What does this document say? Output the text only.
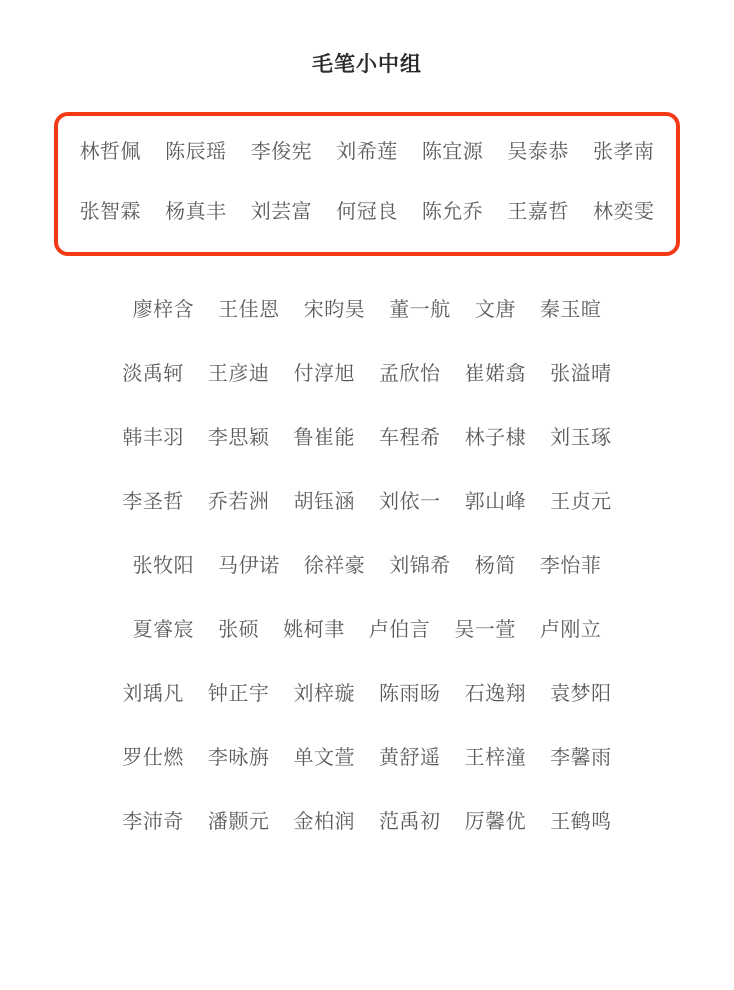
毛笔小中组
林哲佩 陈辰瑶 李俊宪 刘希莲 陈宜源 吴泰恭 张孝南
张智霖 杨真丰 刘芸富 何冠良 陈允乔 王嘉哲 林奕雯
廖梓含 王佳恩 宋昀昊 董一航 文唐 秦玉暄
淡禹轲 王彦迪 付淳旭 孟欣怡 崔婼翕 张溢晴
韩丰羽 李思颖 鲁崔能 车程希 林子棣 刘玉琢
李圣哲 乔若洲 胡钰涵 刘依一 郭山峰 王贞元
张牧阳 马伊诺 徐祥豪 刘锦希 杨简 李怡菲
夏睿宸 张硕 姚柯聿 卢伯言 吴一萱 卢刚立
刘瑀凡 钟正宇 刘梓璇 陈雨旸 石逸翔 袁梦阳
罗仕燃 李咏旃 单文萱 黄舒遥 王梓潼 李馨雨
李沛奇 潘颢元 金柏润 范禹初 厉馨优 王鹤鸣
